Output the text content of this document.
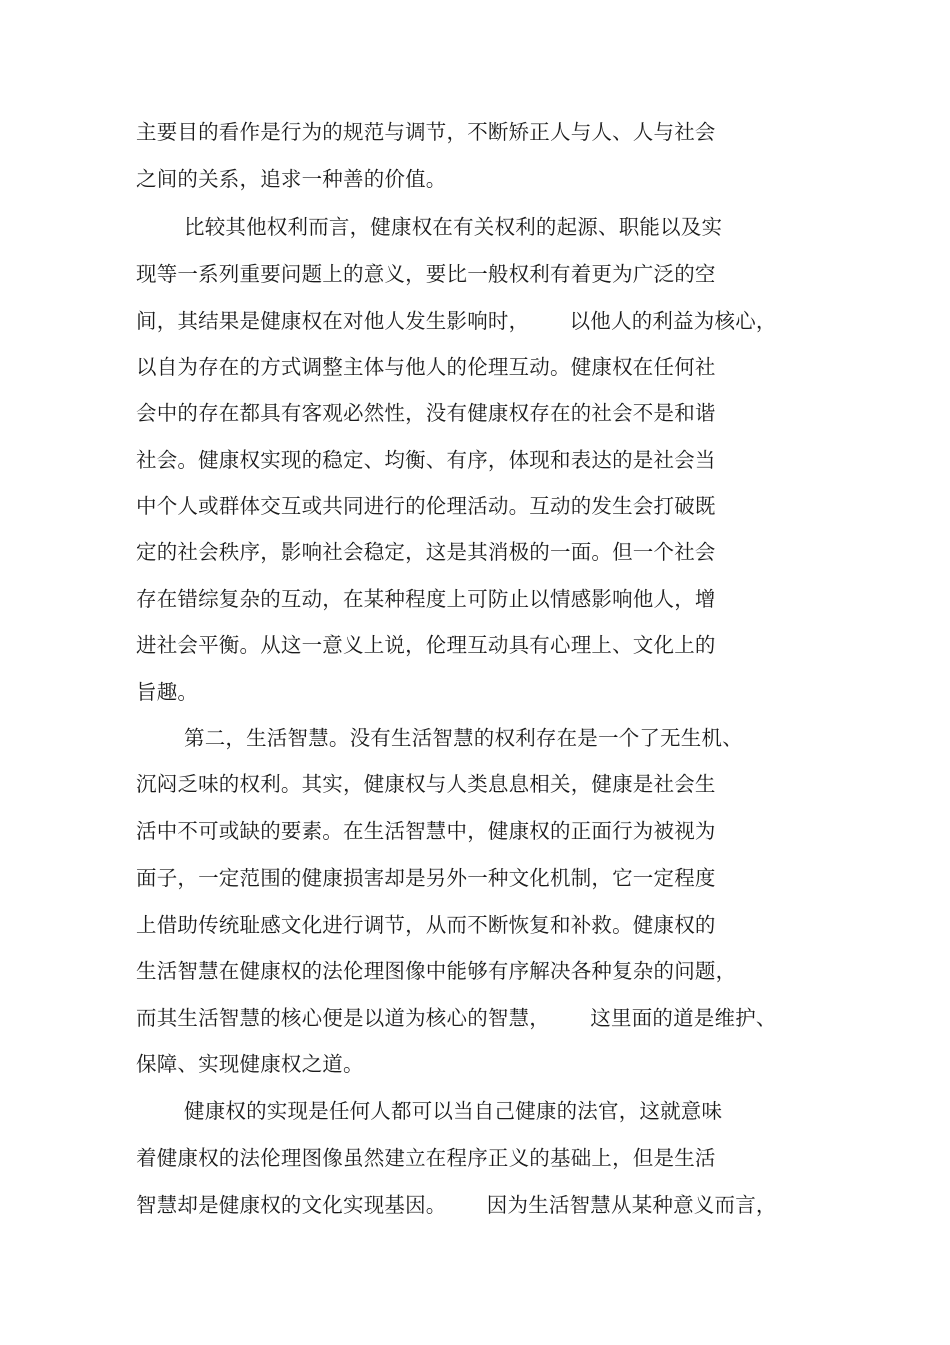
主要目的看作是行为的规范与调节，不断矫正人与人、人与社会
之间的关系，追求一种善的价值。
比较其他权利而言，健康权在有关权利的起源、职能以及实
现等一系列重要问题上的意义，要比一般权利有着更为广泛的空
间，其结果是健康权在对他人发生影响时，      以他人的利益为核心，
以自为存在的方式调整主体与他人的伦理互动。健康权在任何社
会中的存在都具有客观必然性，没有健康权存在的社会不是和谐
社会。健康权实现的稳定、均衡、有序，体现和表达的是社会当
中个人或群体交互或共同进行的伦理活动。互动的发生会打破既
定的社会秩序，影响社会稳定，这是其消极的一面。但一个社会
存在错综复杂的互动，在某种程度上可防止以情感影响他人，增
进社会平衡。从这一意义上说，伦理互动具有心理上、文化上的
旨趣。
第二，生活智慧。没有生活智慧的权利存在是一个了无生机、
沉闷乏味的权利。其实，健康权与人类息息相关，健康是社会生
活中不可或缺的要素。在生活智慧中，健康权的正面行为被视为
面子，一定范围的健康损害却是另外一种文化机制，它一定程度
上借助传统耻感文化进行调节，从而不断恢复和补救。健康权的
生活智慧在健康权的法伦理图像中能够有序解决各种复杂的问题，
而其生活智慧的核心便是以道为核心的智慧，      这里面的道是维护、
保障、实现健康权之道。
健康权的实现是任何人都可以当自己健康的法官，这就意味
着健康权的法伦理图像虽然建立在程序正义的基础上，但是生活
智慧却是健康权的文化实现基因。      因为生活智慧从某种意义而言，
